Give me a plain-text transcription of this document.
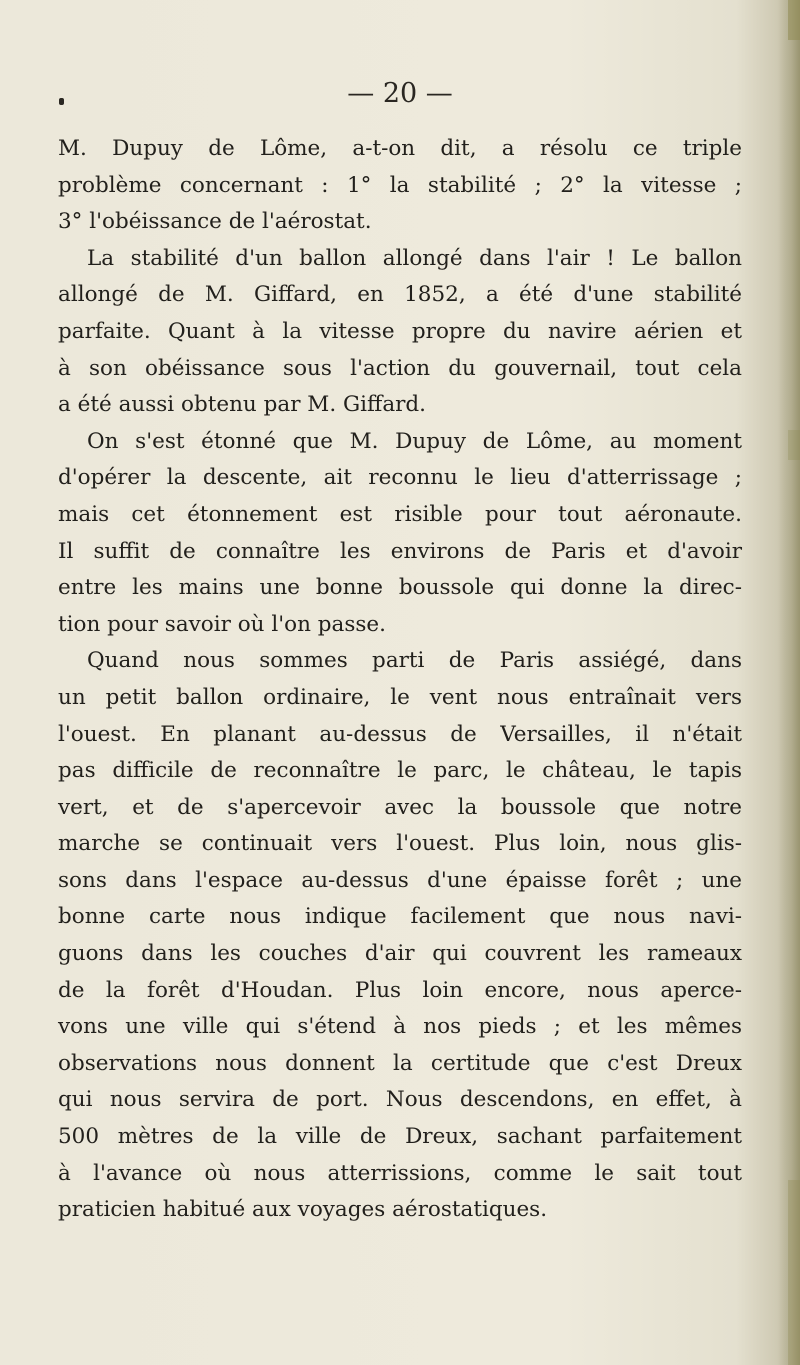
— 20 —
M. Dupuy de Lôme, a-t-on dit, a résolu ce triple
problème concernant : 1° la stabilité ; 2° la vitesse ;
3° l'obéissance de l'aérostat.
La stabilité d'un ballon allongé dans l'air ! Le ballon
allongé de M. Giffard, en 1852, a été d'une stabilité
parfaite. Quant à la vitesse propre du navire aérien et
à son obéissance sous l'action du gouvernail, tout cela
a été aussi obtenu par M. Giffard.
On s'est étonné que M. Dupuy de Lôme, au moment
d'opérer la descente, ait reconnu le lieu d'atterrissage ;
mais cet étonnement est risible pour tout aéronaute.
Il suffit de connaître les environs de Paris et d'avoir
entre les mains une bonne boussole qui donne la direc-
tion pour savoir où l'on passe.
Quand nous sommes parti de Paris assiégé, dans
un petit ballon ordinaire, le vent nous entraînait vers
l'ouest. En planant au-dessus de Versailles, il n'était
pas difficile de reconnaître le parc, le château, le tapis
vert, et de s'apercevoir avec la boussole que notre
marche se continuait vers l'ouest. Plus loin, nous glis-
sons dans l'espace au-dessus d'une épaisse forêt ; une
bonne carte nous indique facilement que nous navi-
guons dans les couches d'air qui couvrent les rameaux
de la forêt d'Houdan. Plus loin encore, nous aperce-
vons une ville qui s'étend à nos pieds ; et les mêmes
observations nous donnent la certitude que c'est Dreux
qui nous servira de port. Nous descendons, en effet, à
500 mètres de la ville de Dreux, sachant parfaitement
à l'avance où nous atterrissions, comme le sait tout
praticien habitué aux voyages aérostatiques.
